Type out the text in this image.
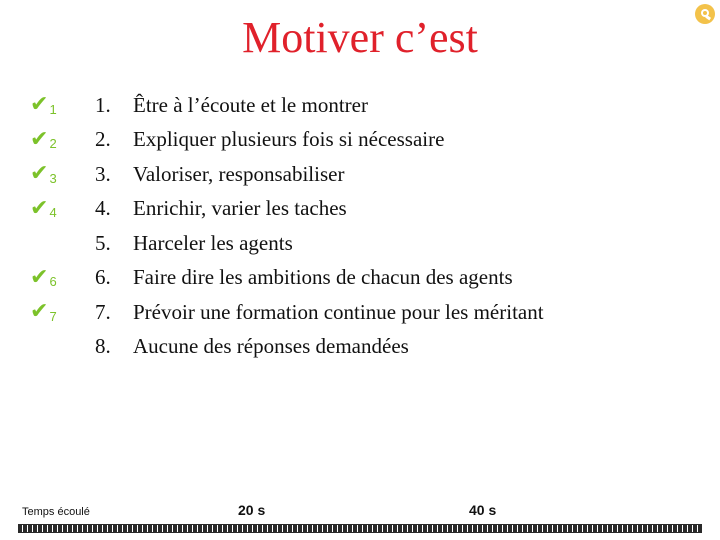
Motiver c’est
✔ 1
✔ 2
✔ 3
✔ 4
✔ 6
✔ 7
1.	Être à l’écoute et le montrer
2.	Expliquer plusieurs fois si nécessaire
3.	Valoriser, responsabiliser
4.	Enrichir, varier les taches
5.	Harceler les agents
6.	Faire dire les ambitions de chacun des agents
7.	Prévoir une formation continue pour les méritant
8.	Aucune des réponses demandées
Temps écoulé	20 s	40 s
